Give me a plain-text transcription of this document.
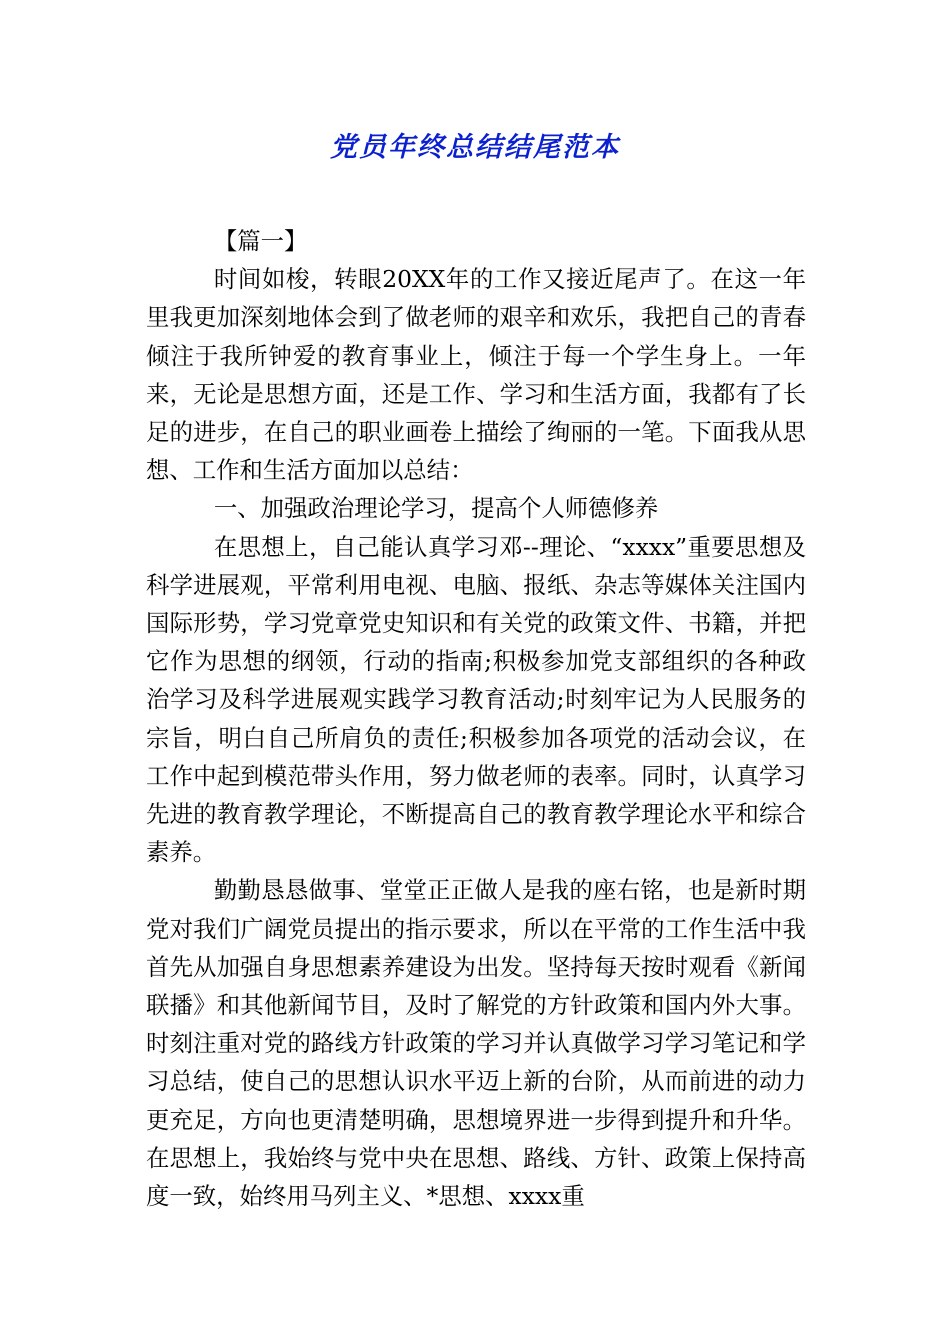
党员年终总结结尾范本

【篇一】

时间如梭，转眼20XX年的工作又接近尾声了。在这一年里我更加深刻地体会到了做老师的艰辛和欢乐，我把自己的青春倾注于我所钟爱的教育事业上，倾注于每一个学生身上。一年来，无论是思想方面，还是工作、学习和生活方面，我都有了长足的进步，在自己的职业画卷上描绘了绚丽的一笔。下面我从思想、工作和生活方面加以总结：

一、加强政治理论学习，提高个人师德修养

在思想上，自己能认真学习邓--理论、“xxxx”重要思想及科学进展观，平常利用电视、电脑、报纸、杂志等媒体关注国内国际形势，学习党章党史知识和有关党的政策文件、书籍，并把它作为思想的纲领，行动的指南;积极参加党支部组织的各种政治学习及科学进展观实践学习教育活动;时刻牢记为人民服务的宗旨，明白自己所肩负的责任;积极参加各项党的活动会议，在工作中起到模范带头作用，努力做老师的表率。同时，认真学习先进的教育教学理论，不断提高自己的教育教学理论水平和综合素养。

勤勤恳恳做事、堂堂正正做人是我的座右铭，也是新时期党对我们广阔党员提出的指示要求，所以在平常的工作生活中我首先从加强自身思想素养建设为出发。坚持每天按时观看《新闻联播》和其他新闻节目，及时了解党的方针政策和国内外大事。时刻注重对党的路线方针政策的学习并认真做学习学习笔记和学习总结，使自己的思想认识水平迈上新的台阶，从而前进的动力更充足，方向也更清楚明确，思想境界进一步得到提升和升华。在思想上，我始终与党中央在思想、路线、方针、政策上保持高度一致，始终用马列主义、*思想、xxxx重
